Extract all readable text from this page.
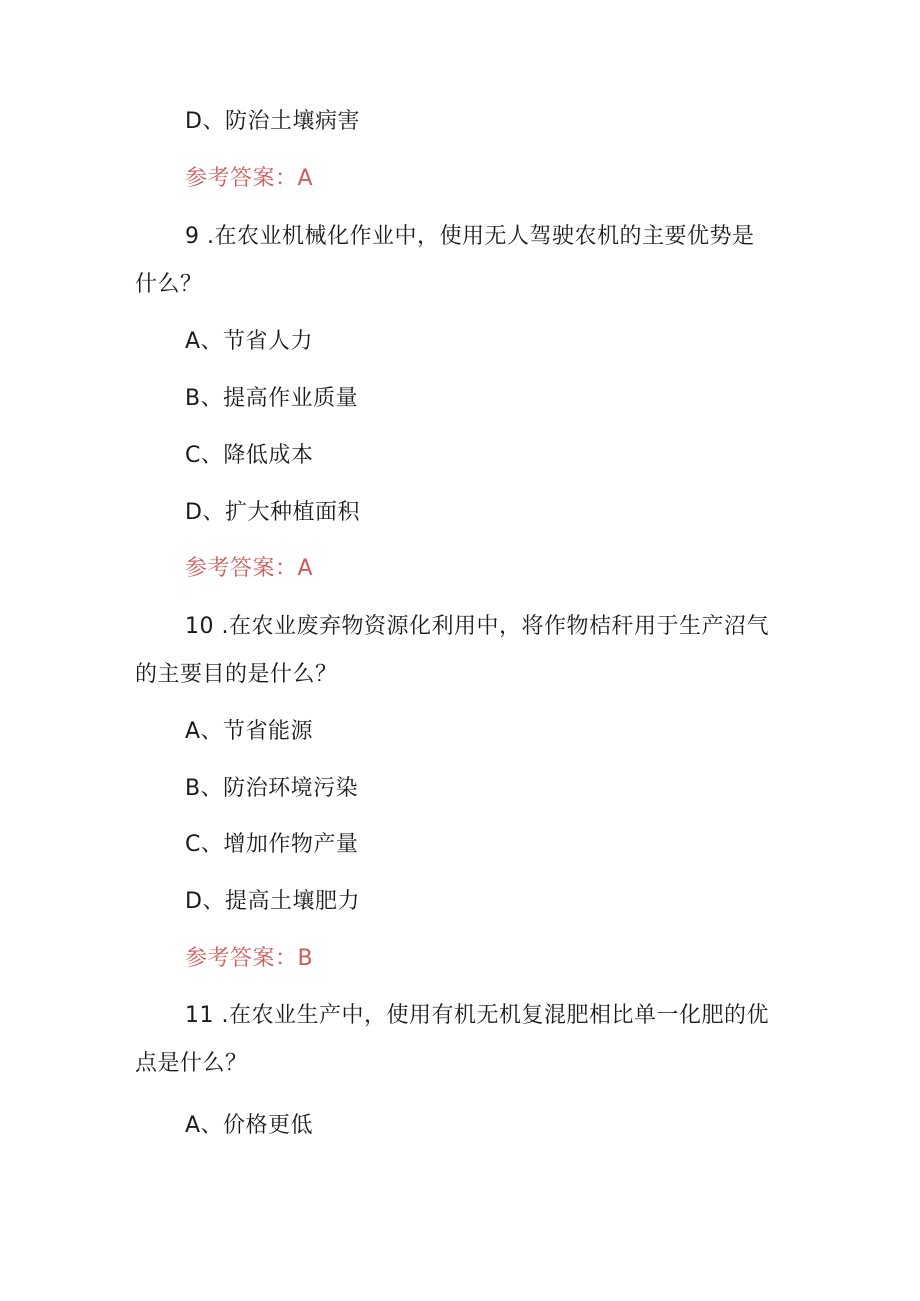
D、防治土壤病害
参考答案：A
9 .在农业机械化作业中，使用无人驾驶农机的主要优势是
什么？
A、节省人力
B、提高作业质量
C、降低成本
D、扩大种植面积
参考答案：A
10 .在农业废弃物资源化利用中，将作物桔秆用于生产沼气
的主要目的是什么？
A、节省能源
B、防治环境污染
C、增加作物产量
D、提高土壤肥力
参考答案：B
11 .在农业生产中，使用有机无机复混肥相比单一化肥的优
点是什么？
A、价格更低
